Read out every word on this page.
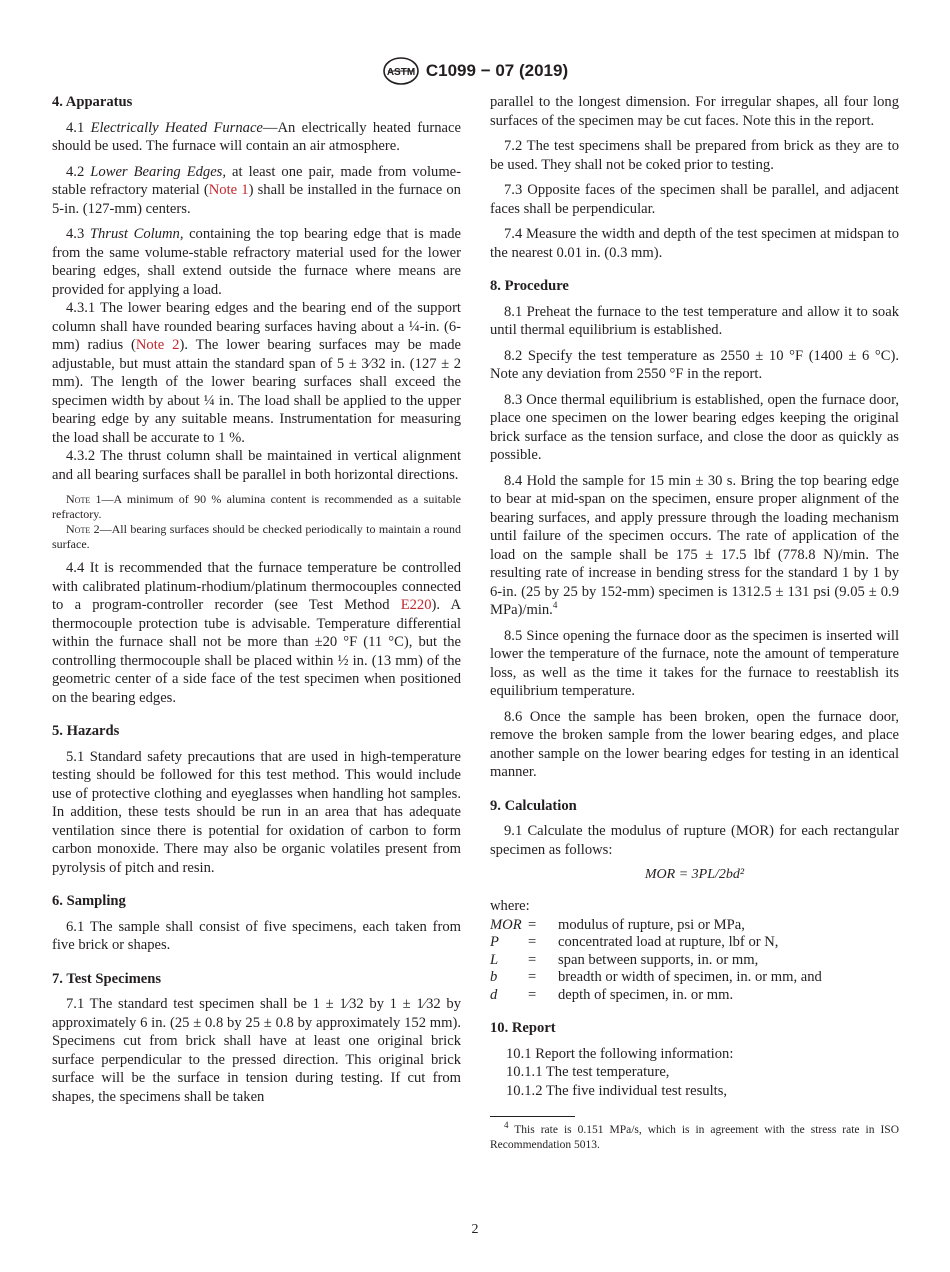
ASTM C1099 − 07 (2019)
4. Apparatus

4.1 Electrically Heated Furnace—An electrically heated furnace should be used. The furnace will contain an air atmosphere.

4.2 Lower Bearing Edges, at least one pair, made from volume-stable refractory material (Note 1) shall be installed in the furnace on 5-in. (127-mm) centers.

4.3 Thrust Column, containing the top bearing edge that is made from the same volume-stable refractory material used for the lower bearing edges, shall extend outside the furnace where means are provided for applying a load.

4.3.1 The lower bearing edges and the bearing end of the support column shall have rounded bearing surfaces having about a ¼-in. (6-mm) radius (Note 2). The lower bearing surfaces may be made adjustable, but must attain the standard span of 5 ± 3⁄32 in. (127 ± 2 mm). The length of the lower bearing surfaces shall exceed the specimen width by about ¼ in. The load shall be applied to the upper bearing edge by any suitable means. Instrumentation for measuring the load shall be accurate to 1 %.

4.3.2 The thrust column shall be maintained in vertical alignment and all bearing surfaces shall be parallel in both horizontal directions.

Note 1—A minimum of 90 % alumina content is recommended as a suitable refractory.
Note 2—All bearing surfaces should be checked periodically to maintain a round surface.

4.4 It is recommended that the furnace temperature be controlled with calibrated platinum-rhodium/platinum thermocouples connected to a program-controller recorder (see Test Method E220). A thermocouple protection tube is advisable. Temperature differential within the furnace shall not be more than ±20 °F (11 °C), but the controlling thermocouple shall be placed within ½ in. (13 mm) of the geometric center of a side face of the test specimen when positioned on the bearing edges.

5. Hazards

5.1 Standard safety precautions that are used in high-temperature testing should be followed for this test method. This would include use of protective clothing and eyeglasses when handling hot samples. In addition, these tests should be run in an area that has adequate ventilation since there is potential for oxidation of carbon to form carbon monoxide. There may also be organic volatiles present from pyrolysis of pitch and resin.

6. Sampling

6.1 The sample shall consist of five specimens, each taken from five brick or shapes.

7. Test Specimens

7.1 The standard test specimen shall be 1 ± 1⁄32 by 1 ± 1⁄32 by approximately 6 in. (25 ± 0.8 by 25 ± 0.8 by approximately 152 mm). Specimens cut from brick shall have at least one original brick surface perpendicular to the pressed direction. This original brick surface will be the surface in tension during testing. If cut from shapes, the specimens shall be taken

parallel to the longest dimension. For irregular shapes, all four long surfaces of the specimen may be cut faces. Note this in the report.

7.2 The test specimens shall be prepared from brick as they are to be used. They shall not be coked prior to testing.

7.3 Opposite faces of the specimen shall be parallel, and adjacent faces shall be perpendicular.

7.4 Measure the width and depth of the test specimen at midspan to the nearest 0.01 in. (0.3 mm).

8. Procedure

8.1 Preheat the furnace to the test temperature and allow it to soak until thermal equilibrium is established.

8.2 Specify the test temperature as 2550 ± 10 °F (1400 ± 6 °C). Note any deviation from 2550 °F in the report.

8.3 Once thermal equilibrium is established, open the furnace door, place one specimen on the lower bearing edges keeping the original brick surface as the tension surface, and close the door as quickly as possible.

8.4 Hold the sample for 15 min ± 30 s. Bring the top bearing edge to bear at mid-span on the specimen, ensure proper alignment of the bearing surfaces, and apply pressure through the loading mechanism until failure of the specimen occurs. The rate of application of the load on the sample shall be 175 ± 17.5 lbf (778.8 N)/min. The resulting rate of increase in bending stress for the standard 1 by 1 by 6-in. (25 by 25 by 152-mm) specimen is 1312.5 ± 131 psi (9.05 ± 0.9 MPa)/min.$^4$

8.5 Since opening the furnace door as the specimen is inserted will lower the temperature of the furnace, note the amount of temperature loss, as well as the time it takes for the furnace to reestablish its equilibrium temperature.

8.6 Once the sample has been broken, open the furnace door, remove the broken sample from the lower bearing edges, and place another sample on the lower bearing edges for testing in an identical manner.

9. Calculation

9.1 Calculate the modulus of rupture (MOR) for each rectangular specimen as follows:

MOR = 3PL/2bd²
where:
MOR =	modulus of rupture, psi or MPa,
P	=	concentrated load at rupture, lbf or N,
L	=	span between supports, in. or mm,
b	=	breadth or width of specimen, in. or mm, and
d	=	depth of specimen, in. or mm.
10. Report
10.1 Report the following information:
10.1.1 The test temperature,
10.1.2 The five individual test results,

$^4$ This rate is 0.151 MPa/s, which is in agreement with the stress rate in ISO Recommendation 5013.

2
